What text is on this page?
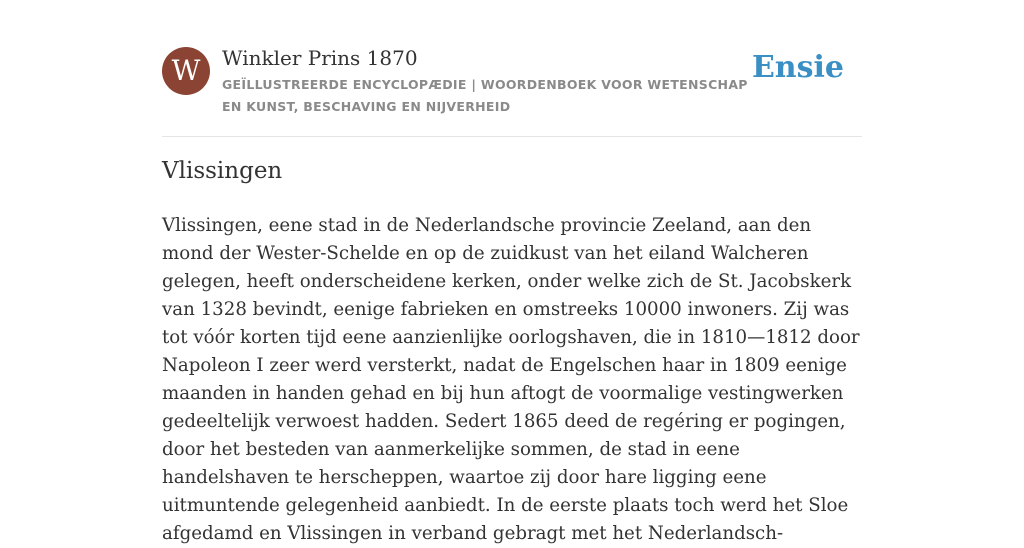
W	Winkler Prins 1870
GEÏLLUSTREERDE ENCYCLOPÆDIE | WOORDENBOEK VOOR WETENSCHAP EN KUNST, BESCHAVING EN NIJVERHEID
Ensie
Vlissingen

Vlissingen, eene stad in de Nederlandsche provincie Zeeland, aan den mond der Wester-Schelde en op de zuidkust van het eiland Walcheren gelegen, heeft onderscheidene kerken, onder welke zich de St. Jacobskerk van 1328 bevindt, eenige fabrieken en omstreeks 10000 inwoners. Zij was tot vóór korten tijd eene aanzienlijke oorlogshaven, die in 1810—1812 door Napoleon I zeer werd versterkt, nadat de Engelschen haar in 1809 eenige maanden in handen gehad en bij hun aftogt de voormalige vestingwerken gedeeltelijk verwoest hadden. Sedert 1865 deed de regéring er pogingen, door het besteden van aanmerkelijke sommen, de stad in eene handelshaven te herscheppen, waartoe zij door hare ligging eene uitmuntende gelegenheid aanbiedt. In de eerste plaats toch werd het Sloe afgedamd en Vlissingen in verband gebragt met het Nederlandsch-
